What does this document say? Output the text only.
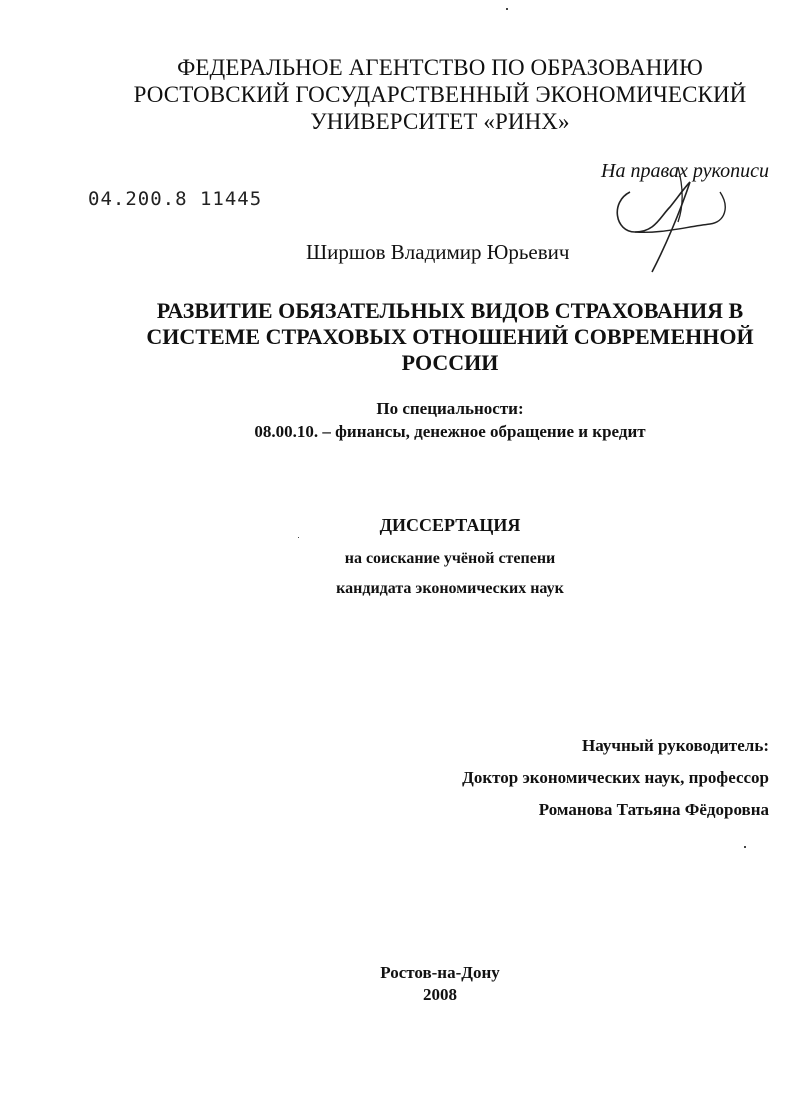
ФЕДЕРАЛЬНОЕ АГЕНТСТВО ПО ОБРАЗОВАНИЮ
РОСТОВСКИЙ ГОСУДАРСТВЕННЫЙ ЭКОНОМИЧЕСКИЙ
УНИВЕРСИТЕТ «РИНХ»
На правах рукописи
04.200.8 11445
Ширшов Владимир Юрьевич
РАЗВИТИЕ ОБЯЗАТЕЛЬНЫХ ВИДОВ СТРАХОВАНИЯ В
СИСТЕМЕ СТРАХОВЫХ ОТНОШЕНИЙ СОВРЕМЕННОЙ
РОССИИ
По специальности:
08.00.10. – финансы, денежное обращение и кредит
ДИССЕРТАЦИЯ
на соискание учёной степени
кандидата экономических наук
Научный руководитель:
Доктор экономических наук, профессор
Романова Татьяна Фёдоровна
Ростов-на-Дону
2008
